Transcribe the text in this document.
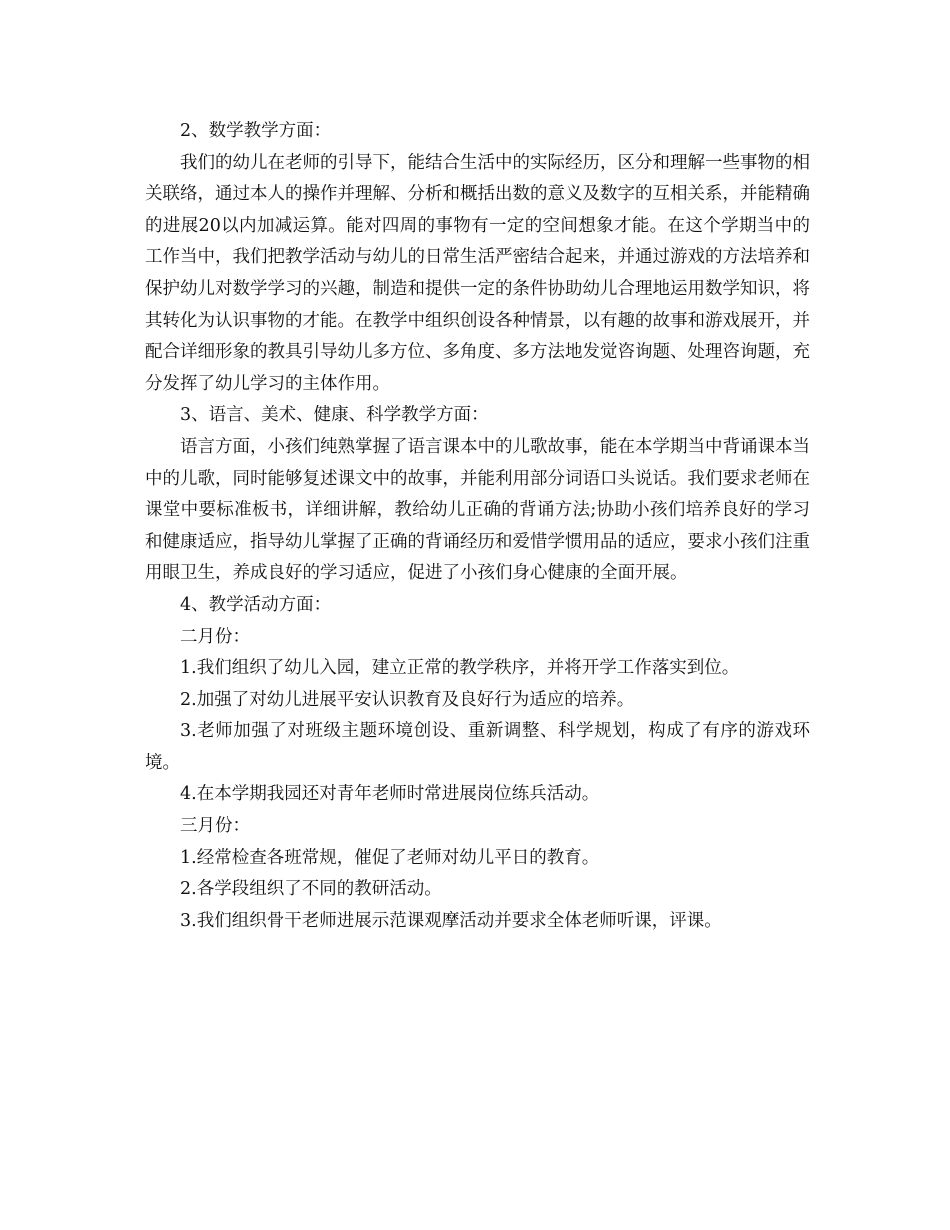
2、数学教学方面：

我们的幼儿在老师的引导下，能结合生活中的实际经历，区分和理解一些事物的相关联络，通过本人的操作并理解、分析和概括出数的意义及数字的互相关系，并能精确的进展20以内加减运算。能对四周的事物有一定的空间想象才能。在这个学期当中的工作当中，我们把教学活动与幼儿的日常生活严密结合起来，并通过游戏的方法培养和保护幼儿对数学学习的兴趣，制造和提供一定的条件协助幼儿合理地运用数学知识，将其转化为认识事物的才能。在教学中组织创设各种情景，以有趣的故事和游戏展开，并配合详细形象的教具引导幼儿多方位、多角度、多方法地发觉咨询题、处理咨询题，充分发挥了幼儿学习的主体作用。

3、语言、美术、健康、科学教学方面：

语言方面，小孩们纯熟掌握了语言课本中的儿歌故事，能在本学期当中背诵课本当中的儿歌，同时能够复述课文中的故事，并能利用部分词语口头说话。我们要求老师在课堂中要标准板书，详细讲解，教给幼儿正确的背诵方法;协助小孩们培养良好的学习和健康适应，指导幼儿掌握了正确的背诵经历和爱惜学惯用品的适应，要求小孩们注重用眼卫生，养成良好的学习适应，促进了小孩们身心健康的全面开展。

4、教学活动方面：

二月份：

1.我们组织了幼儿入园，建立正常的教学秩序，并将开学工作落实到位。

2.加强了对幼儿进展平安认识教育及良好行为适应的培养。

3.老师加强了对班级主题环境创设、重新调整、科学规划，构成了有序的游戏环境。

4.在本学期我园还对青年老师时常进展岗位练兵活动。

三月份：

1.经常检查各班常规，催促了老师对幼儿平日的教育。

2.各学段组织了不同的教研活动。

3.我们组织骨干老师进展示范课观摩活动并要求全体老师听课，评课。
